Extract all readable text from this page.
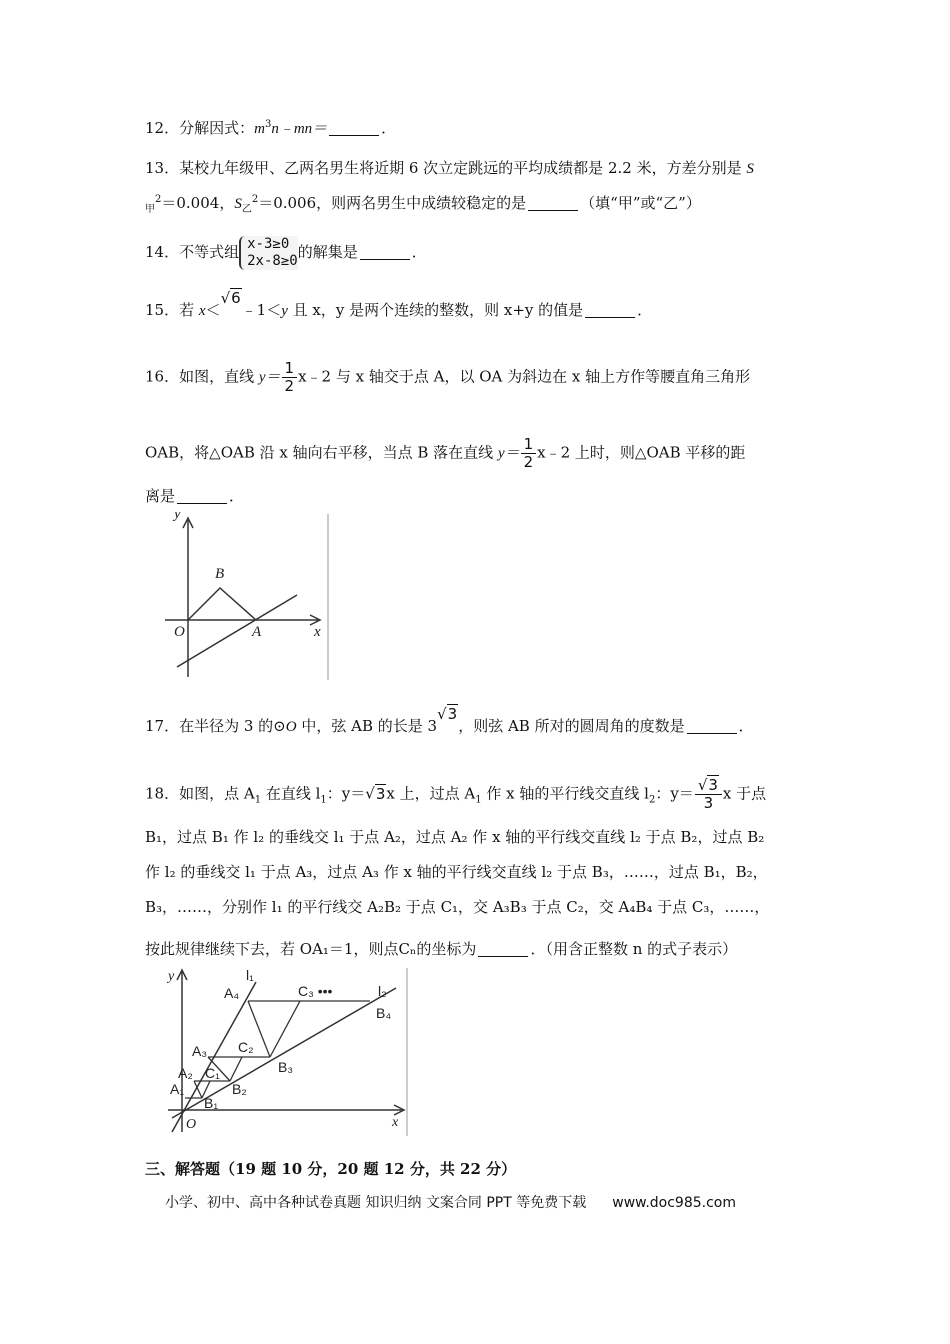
12．分解因式：$m^3n﹣mn=$	．
13．某校九年级甲、乙两名男生将近期 6 次立定跳远的平均成绩都是 2.2 米，方差分别是 S
$_甲^2$＝0.004，$S_乙^2=0.006$，则两名男生中成绩较稳定的是	（填“甲”或“乙”）
14．不等式组 x-3≥0
2x-8≥0 的解集是	．
15．若 x＜√6﹣1＜y 且 x，y 是两个连续的整数，则 x+y 的值是	．
16．如图，直线 $y= \frac{1}{2}$ x﹣2 与 x 轴交于点 A，以 OA 为斜边在 x 轴上方作等腰直角三角形
OAB，将△OAB 沿 x 轴向右平移，当点 B 落在直线 $y= \frac{1}{2}$ x﹣2 上时，则△OAB 平移的距
离是	．
y
x
O	A
B
17．在半径为 3 的⊙O 中，弦 AB 的长是 3√3，则弦 AB 所对的圆周角的度数是	．
18．如图，点 $A_1$ 在直线 $l_1$：y＝√3x 上，过点 $A_1$ 作 x 轴的平行线交直线 $l_2$：$y= \frac{√3}{3}$ x 于点
B₁，过点 B₁ 作 l₂ 的垂线交 l₁ 于点 A₂，过点 A₂ 作 x 轴的平行线交直线 l₂ 于点 B₂，过点 B₂
作 l₂ 的垂线交 l₁ 于点 A₃，过点 A₃ 作 x 轴的平行线交直线 l₂ 于点 B₃，……，过点 B₁，B₂，
B₃，……，分别作 l₁ 的平行线交 A₂B₂ 于点 C₁，交 A₃B₃ 于点 C₂，交 A₄B₄ 于点 C₃，……，
按此规律继续下去，若 OA₁＝1，则点Cₙ的坐标为	．（用含正整数 n 的式子表示）
y
x
O
l₁
l₂
A₁
A₂
A₃
A₄
B₁
B₂
B₃
B₄
C₁
C₂
C₃ •••
三、解答题（19 题 10 分，20 题 12 分，共 22 分）
小学、初中、高中各种试卷真题 知识归纳 文案合同 PPT 等免费下载 www.doc985.com
